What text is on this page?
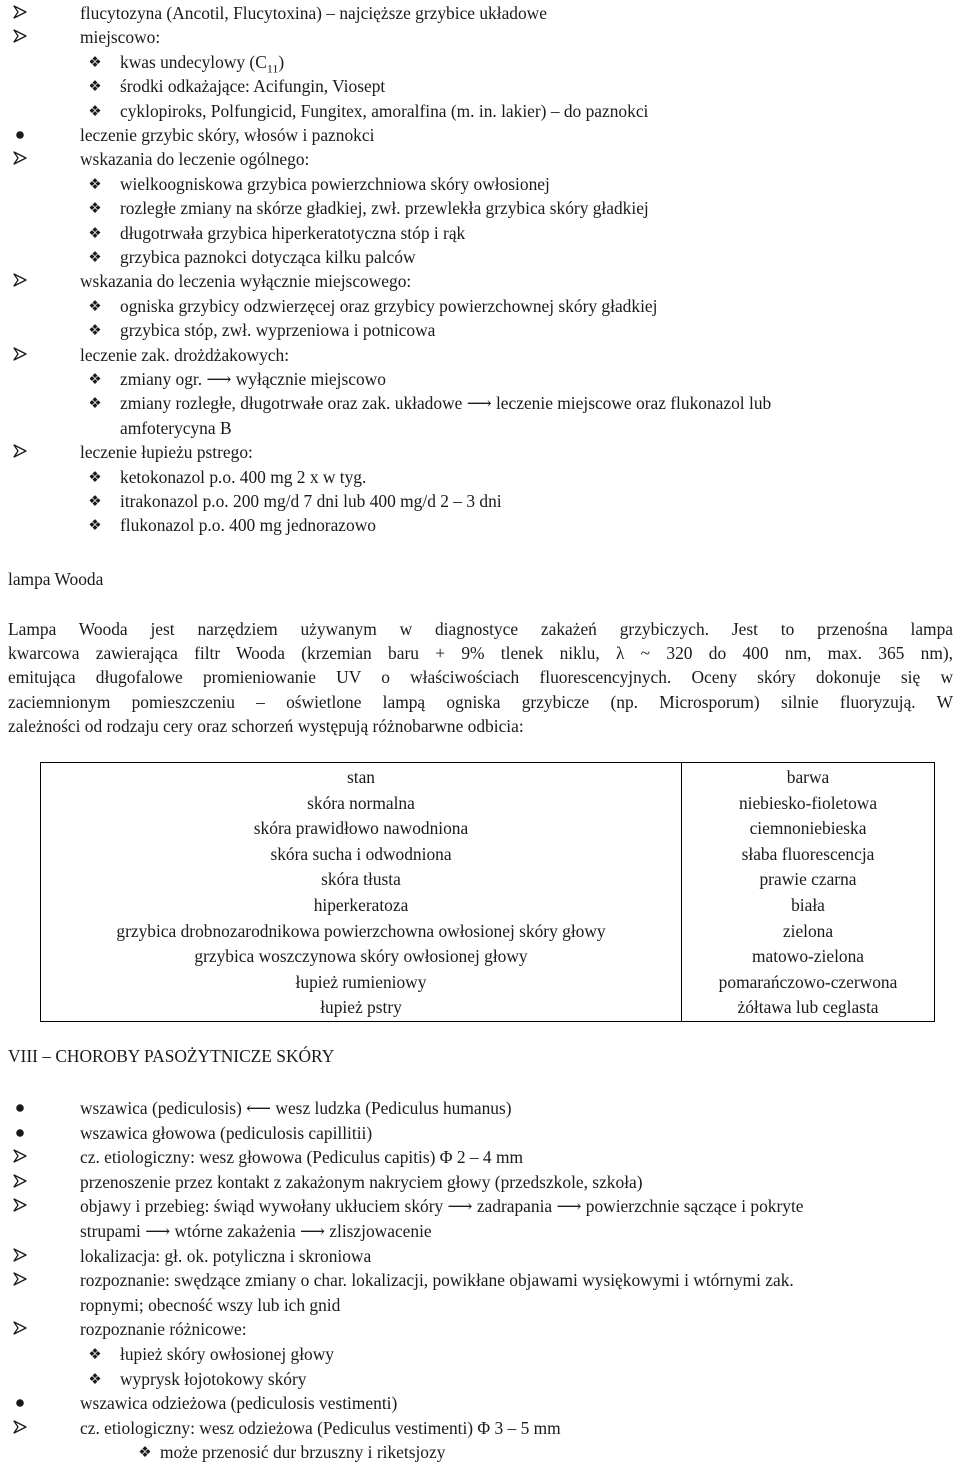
flucytozyna (Ancotil, Flucytoxina) – najcięższe grzybice układowe
miejscowo:
❖ kwas undecylowy $(C_{11})$
❖ środki odkażające: Acifungin, Viosept
❖ cyklopiroks, Polfungicid, Fungitex, amoralfina (m. in. lakier) – do paznokci
leczenie grzybic skóry, włosów i paznokci
wskazania do leczenie ogólnego:
❖ wielkoogniskowa grzybica powierzchniowa skóry owłosionej
❖ rozległe zmiany na skórze gładkiej, zwł. przewlekła grzybica skóry gładkiej
❖ długotrwała grzybica hiperkeratotyczna stóp i rąk
❖ grzybica paznokci dotycząca kilku palców
wskazania do leczenia wyłącznie miejscowego:
❖ ogniska grzybicy odzwierzęcej oraz grzybicy powierzchownej skóry gładkiej
❖ grzybica stóp, zwł. wyprzeniowa i potnicowa
leczenie zak. drożdżakowych:
❖ zmiany ogr. ⟶ wyłącznie miejscowo
❖ zmiany rozległe, długotrwałe oraz zak. układowe ⟶ leczenie miejscowe oraz flukonazol lub
amfoterycyna B
leczenie łupieżu pstrego:
❖ ketokonazol p.o. 400 mg 2 x w tyg.
❖ itrakonazol p.o. 200 mg/d 7 dni lub 400 mg/d 2 – 3 dni
❖ flukonazol p.o. 400 mg jednorazowo
lampa Wooda
Lampa Wooda jest narzędziem używanym w diagnostyce zakażeń grzybiczych. Jest to przenośna lampa
kwarcowa zawierająca filtr Wooda (krzemian baru + 9% tlenek niklu, λ ~ 320 do 400 nm, max. 365 nm),
emitująca długofalowe promieniowanie UV o właściwościach fluorescencyjnych. Oceny skóry dokonuje się w
zaciemnionym pomieszczeniu – oświetlone lampą ogniska grzybicze (np. Microsporum) silnie fluoryzują. W
zależności od rodzaju cery oraz schorzeń występują różnobarwne odbicia:
stan	barwa
skóra normalna	niebiesko-fioletowa
skóra prawidłowo nawodniona	ciemnoniebieska
skóra sucha i odwodniona	słaba fluorescencja
skóra tłusta	prawie czarna
hiperkeratoza	biała
grzybica drobnozarodnikowa powierzchowna owłosionej skóry głowy	zielona
grzybica woszczynowa skóry owłosionej głowy	matowo-zielona
łupież rumieniowy	pomarańczowo-czerwona
łupież pstry	żółtawa lub ceglasta
VIII – CHOROBY PASOŻYTNICZE SKÓRY
wszawica (pediculosis) ⟵ wesz ludzka (Pediculus humanus)
wszawica głowowa (pediculosis capillitii)
cz. etiologiczny: wesz głowowa (Pediculus capitis) Φ 2 – 4 mm
przenoszenie przez kontakt z zakażonym nakryciem głowy (przedszkole, szkoła)
objawy i przebieg: świąd wywołany ukłuciem skóry ⟶ zadrapania ⟶ powierzchnie sączące i pokryte
strupami ⟶ wtórne zakażenia ⟶ zliszjowacenie
lokalizacja: gł. ok. potyliczna i skroniowa
rozpoznanie: swędzące zmiany o char. lokalizacji, powikłane objawami wysiękowymi i wtórnymi zak.
ropnymi; obecność wszy lub ich gnid
rozpoznanie różnicowe:
❖ łupież skóry owłosionej głowy
❖ wyprysk łojotokowy skóry
wszawica odzieżowa (pediculosis vestimenti)
cz. etiologiczny: wesz odzieżowa (Pediculus vestimenti) Φ 3 – 5 mm
❖ może przenosić dur brzuszny i riketsjozy
